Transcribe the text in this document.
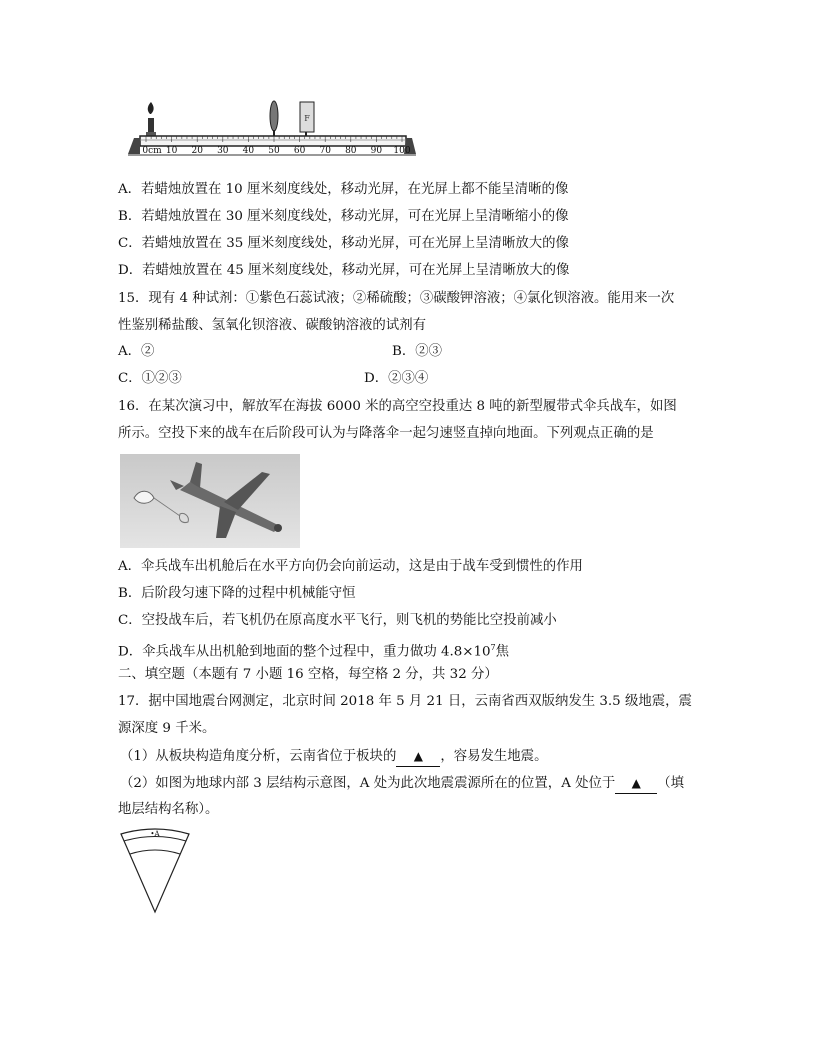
F
0cm 10 20 30 40 50 60 70 80 90 100
A．若蜡烛放置在 10 厘米刻度线处，移动光屏，在光屏上都不能呈清晰的像
B．若蜡烛放置在 30 厘米刻度线处，移动光屏，可在光屏上呈清晰缩小的像
C．若蜡烛放置在 35 厘米刻度线处，移动光屏，可在光屏上呈清晰放大的像
D．若蜡烛放置在 45 厘米刻度线处，移动光屏，可在光屏上呈清晰放大的像
15．现有 4 种试剂：①紫色石蕊试液；②稀硫酸；③碳酸钾溶液；④氯化钡溶液。能用来一次
性鉴别稀盐酸、氢氧化钡溶液、碳酸钠溶液的试剂有
A．②	B．②③
C．①②③	D．②③④
16．在某次演习中，解放军在海拔 6000 米的高空空投重达 8 吨的新型履带式伞兵战车，如图
所示。空投下来的战车在后阶段可认为与降落伞一起匀速竖直掉向地面。下列观点正确的是
A．伞兵战车出机舱后在水平方向仍会向前运动，这是由于战车受到惯性的作用
B．后阶段匀速下降的过程中机械能守恒
C．空投战车后，若飞机仍在原高度水平飞行，则飞机的势能比空投前减小
D．伞兵战车从出机舱到地面的整个过程中，重力做功 $4.8\times 10^7$焦
二、填空题（本题有 7 小题 16 空格，每空格 2 分，共 32 分）
17．据中国地震台网测定，北京时间 2018 年 5 月 21 日，云南省西双版纳发生 3.5 级地震，震
源深度 9 千米。
（1）从板块构造角度分析，云南省位于板块的 ▲ ，容易发生地震。
（2）如图为地球内部 3 层结构示意图，A 处为此次地震震源所在的位置，A 处位于 ▲ （填
地层结构名称）。
•A
